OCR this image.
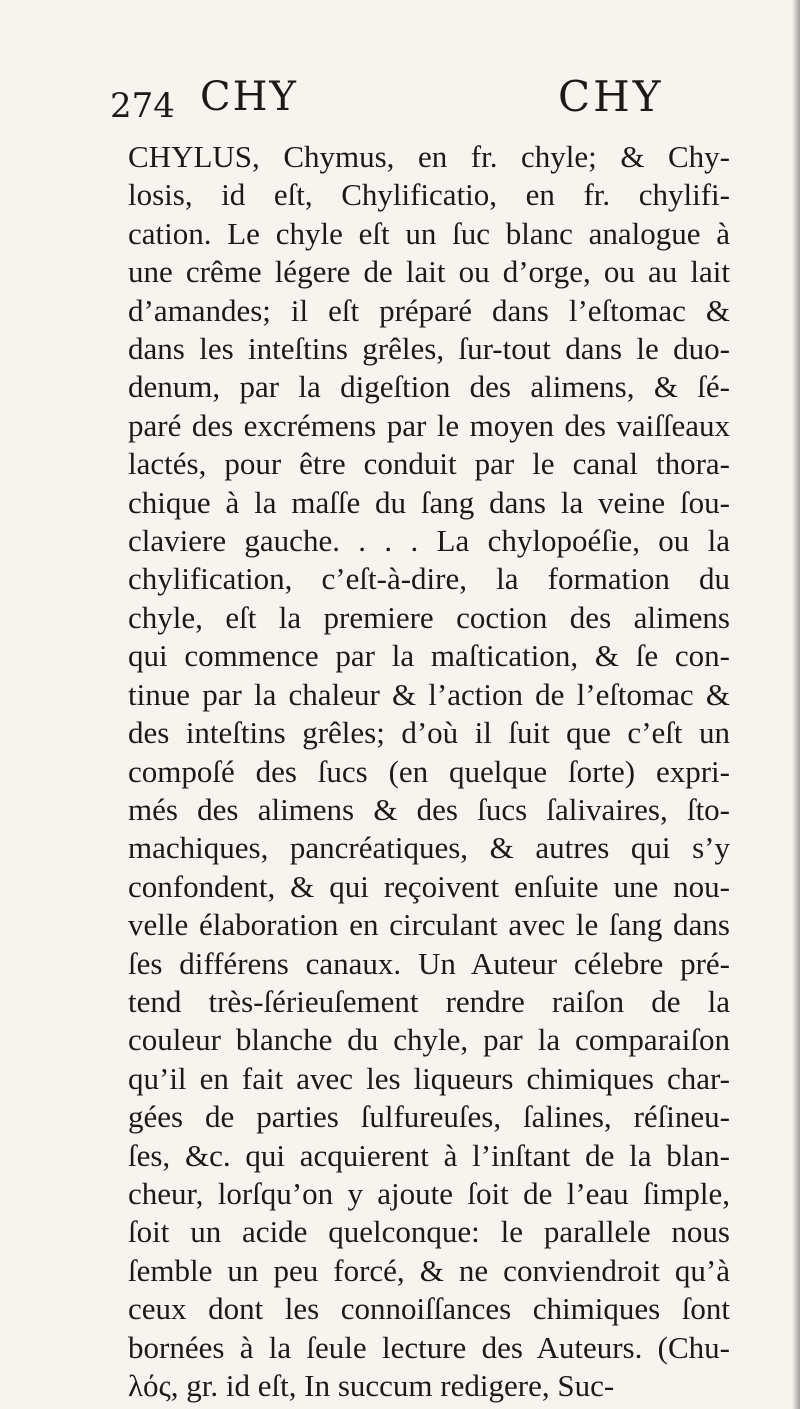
274 CHY	CHY
CHYLUS, Chymus, en fr. chyle; & Chy-
losis, id eſt, Chylificatio, en fr. chylifi-
cation. Le chyle eſt un ſuc blanc analogue à
une crême légere de lait ou d’orge, ou au lait
d’amandes; il eſt préparé dans l’eſtomac &
dans les inteſtins grêles, ſur-tout dans le duo-
denum, par la digeſtion des alimens, & ſé-
paré des excrémens par le moyen des vaiſſeaux
lactés, pour être conduit par le canal thora-
chique à la maſſe du ſang dans la veine ſou-
claviere gauche. . . . La chylopoéſie, ou la
chylification, c’eſt-à-dire, la formation du
chyle, eſt la premiere coction des alimens
qui commence par la maſtication, & ſe con-
tinue par la chaleur & l’action de l’eſtomac &
des inteſtins grêles; d’où il ſuit que c’eſt un
compoſé des ſucs (en quelque ſorte) expri-
més des alimens & des ſucs ſalivaires, ſto-
machiques, pancréatiques, & autres qui s’y
confondent, & qui reçoivent enſuite une nou-
velle élaboration en circulant avec le ſang dans
ſes différens canaux. Un Auteur célebre pré-
tend très-ſérieuſement rendre raiſon de la
couleur blanche du chyle, par la comparaiſon
qu’il en fait avec les liqueurs chimiques char-
gées de parties ſulfureuſes, ſalines, réſineu-
ſes, &c. qui acquierent à l’inſtant de la blan-
cheur, lorſqu’on y ajoute ſoit de l’eau ſimple,
ſoit un acide quelconque: le parallele nous
ſemble un peu forcé, & ne conviendroit qu’à
ceux dont les connoiſſances chimiques ſont
bornées à la ſeule lecture des Auteurs. (Chu-
λός, gr. id eſt, In succum redigere, Suc-
